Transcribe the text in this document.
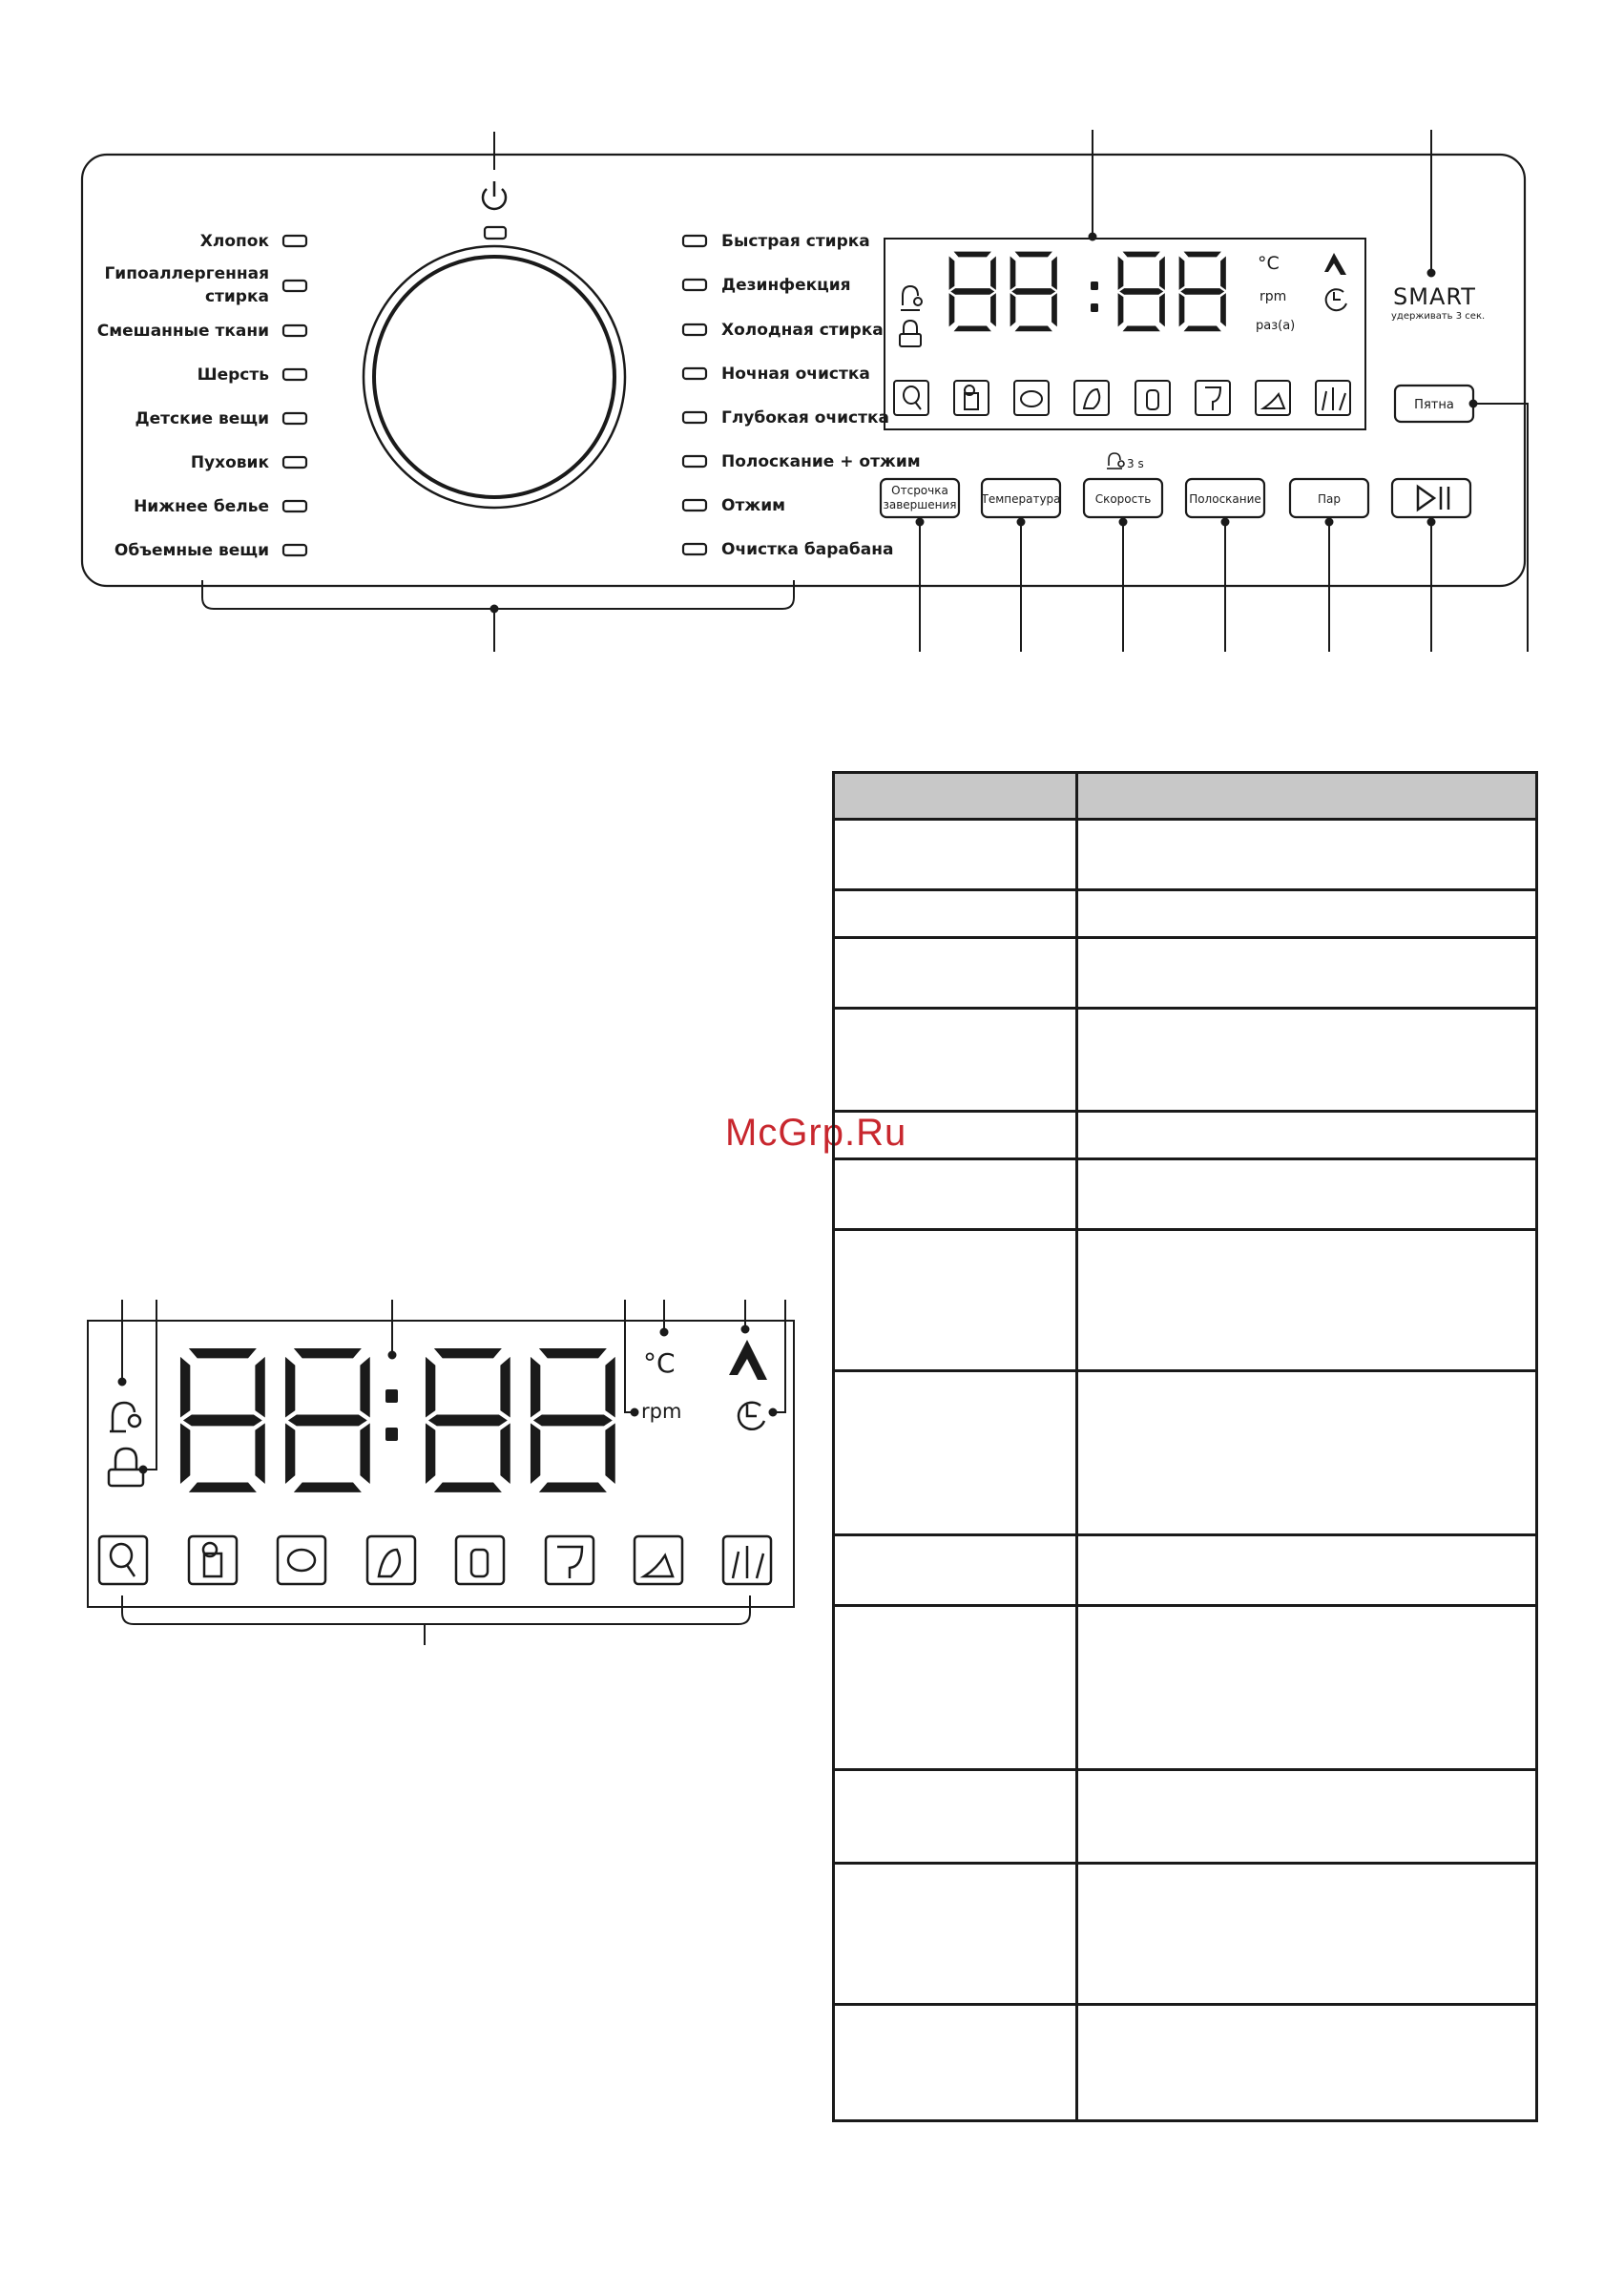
Хлопок
Гипоаллергенная
стирка
Смешанные ткани
Шерсть
Детские вещи
Пуховик
Нижнее белье
Объемные вещи
Быстрая стирка
Дезинфекция
Холодная стирка
Ночная очистка
Глубокая очистка
Полоскание + отжим
Отжим
Очистка барабана
88:88
°C
rpm
раз(а)
SMART
удерживать 3 сек.
Пятна
3 s
Отсрочка
завершения Температура	Скорость	Полоскание	Пар
88:88
°C
rpm
McGrp.Ru
